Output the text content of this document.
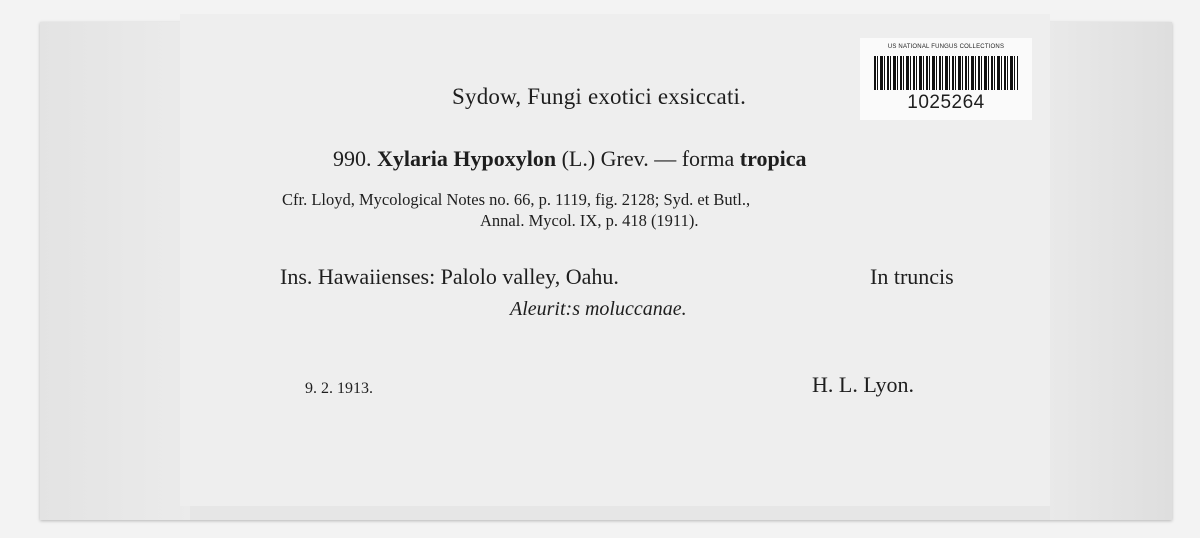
US NATIONAL FUNGUS COLLECTIONS
1025264
Sydow, Fungi exotici exsiccati.
990. Xylaria Hypoxylon (L.) Grev. — forma tropica
Cfr. Lloyd, Mycological Notes no. 66, p. 1119, fig. 2128; Syd. et Butl.,
Annal. Mycol. IX, p. 418 (1911).
Ins. Hawaiienses: Palolo valley, Oahu.	In truncis
Aleurit:s moluccanae.
9. 2. 1913.	H. L. Lyon.
